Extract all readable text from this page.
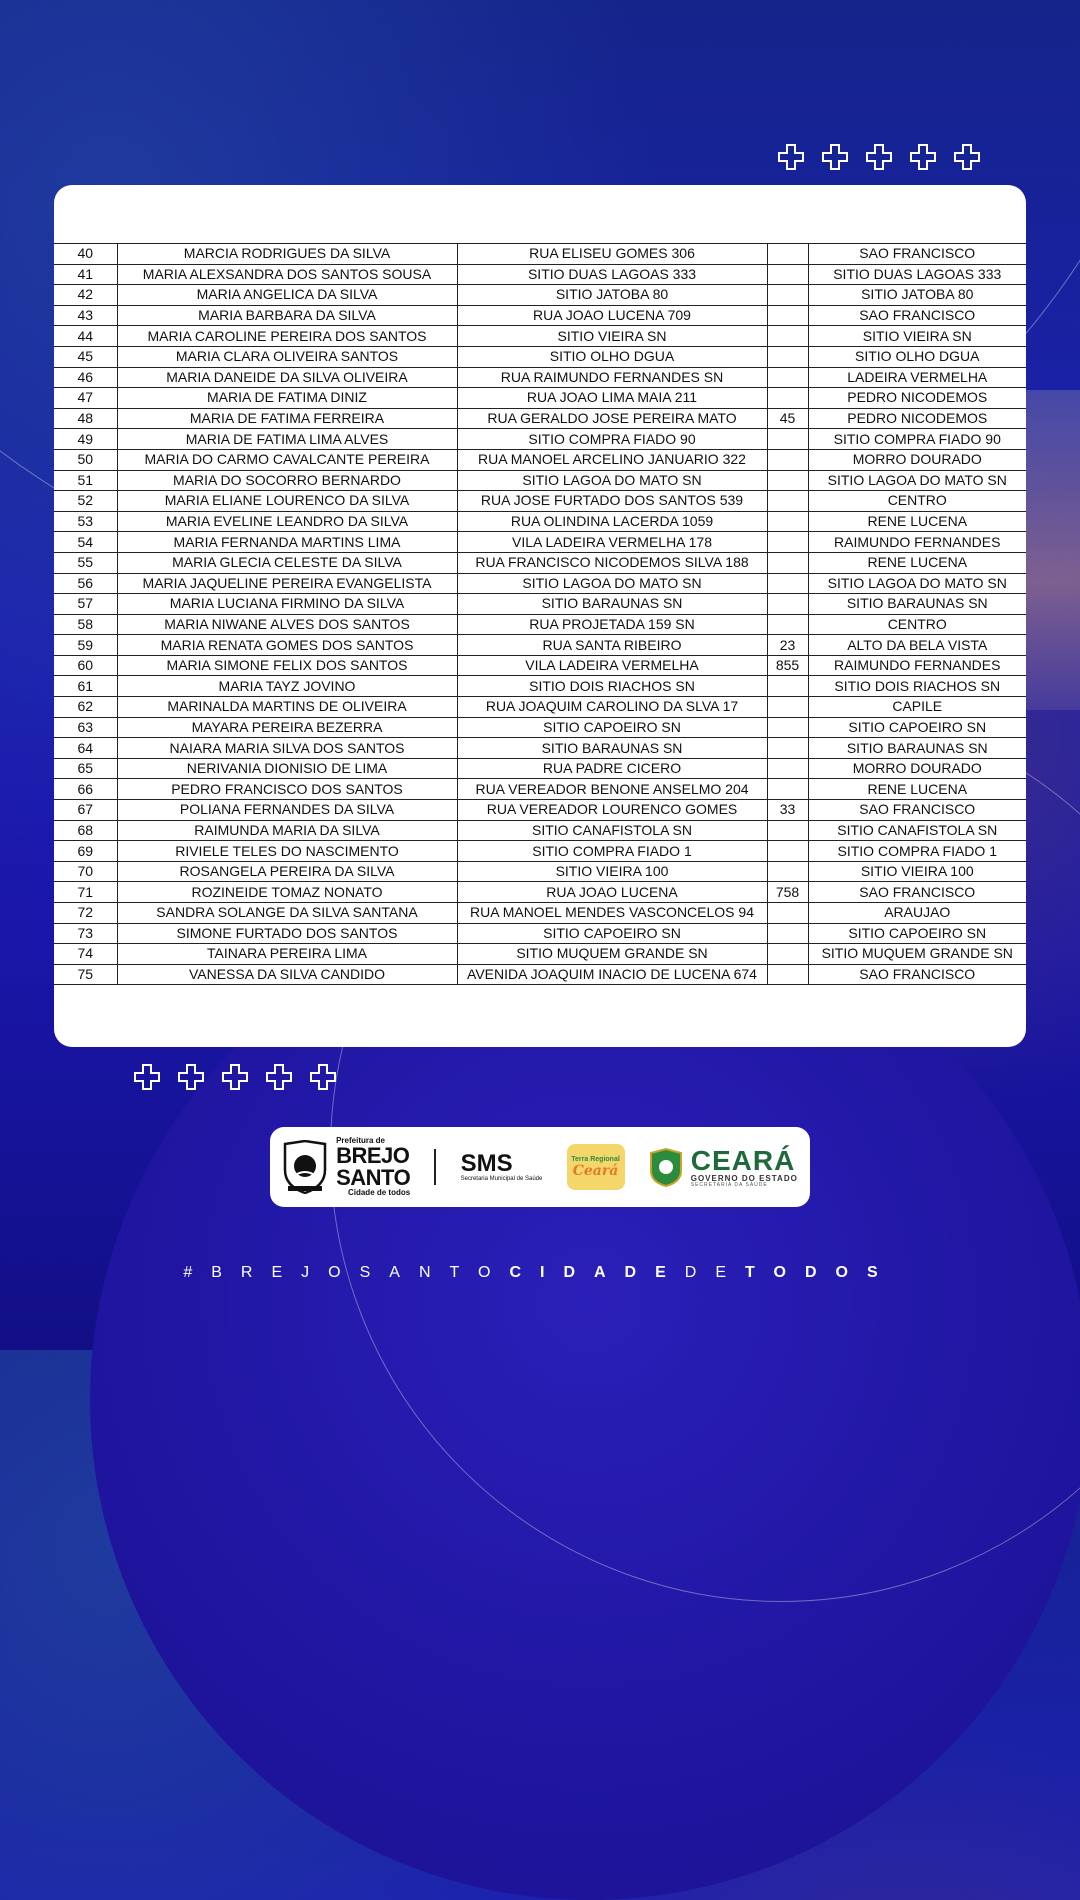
40	MARCIA RODRIGUES DA SILVA	RUA ELISEU GOMES 306		SAO FRANCISCO
41	MARIA ALEXSANDRA DOS SANTOS SOUSA	SITIO DUAS LAGOAS 333		SITIO DUAS LAGOAS 333
42	MARIA ANGELICA DA SILVA	SITIO JATOBA 80		SITIO JATOBA 80
43	MARIA BARBARA DA SILVA	RUA JOAO LUCENA 709		SAO FRANCISCO
44	MARIA CAROLINE PEREIRA DOS SANTOS	SITIO VIEIRA SN		SITIO VIEIRA SN
45	MARIA CLARA OLIVEIRA SANTOS	SITIO OLHO DGUA		SITIO OLHO DGUA
46	MARIA DANEIDE DA SILVA OLIVEIRA	RUA RAIMUNDO FERNANDES SN		LADEIRA VERMELHA
47	MARIA DE FATIMA DINIZ	RUA JOAO LIMA MAIA 211		PEDRO NICODEMOS
48	MARIA DE FATIMA FERREIRA	RUA GERALDO JOSE PEREIRA MATO	45	PEDRO NICODEMOS
49	MARIA DE FATIMA LIMA ALVES	SITIO COMPRA FIADO 90		SITIO COMPRA FIADO 90
50	MARIA DO CARMO CAVALCANTE PEREIRA	RUA MANOEL ARCELINO JANUARIO 322		MORRO DOURADO
51	MARIA DO SOCORRO BERNARDO	SITIO LAGOA DO MATO SN		SITIO LAGOA DO MATO SN
52	MARIA ELIANE LOURENCO DA SILVA	RUA JOSE FURTADO DOS SANTOS 539		CENTRO
53	MARIA EVELINE LEANDRO DA SILVA	RUA OLINDINA LACERDA 1059		RENE LUCENA
54	MARIA FERNANDA MARTINS LIMA	VILA LADEIRA VERMELHA 178		RAIMUNDO FERNANDES
55	MARIA GLECIA CELESTE DA SILVA	RUA FRANCISCO NICODEMOS SILVA 188		RENE LUCENA
56	MARIA JAQUELINE PEREIRA EVANGELISTA	SITIO LAGOA DO MATO SN		SITIO LAGOA DO MATO SN
57	MARIA LUCIANA FIRMINO DA SILVA	SITIO BARAUNAS SN		SITIO BARAUNAS SN
58	MARIA NIWANE ALVES DOS SANTOS	RUA PROJETADA 159 SN		CENTRO
59	MARIA RENATA GOMES DOS SANTOS	RUA SANTA RIBEIRO	23	ALTO DA BELA VISTA
60	MARIA SIMONE FELIX DOS SANTOS	VILA LADEIRA VERMELHA	855	RAIMUNDO FERNANDES
61	MARIA TAYZ JOVINO	SITIO DOIS RIACHOS SN		SITIO DOIS RIACHOS SN
62	MARINALDA MARTINS DE OLIVEIRA	RUA JOAQUIM CAROLINO DA SLVA 17		CAPILE
63	MAYARA PEREIRA BEZERRA	SITIO CAPOEIRO SN		SITIO CAPOEIRO SN
64	NAIARA MARIA SILVA DOS SANTOS	SITIO BARAUNAS SN		SITIO BARAUNAS SN
65	NERIVANIA DIONISIO DE LIMA	RUA PADRE CICERO		MORRO DOURADO
66	PEDRO FRANCISCO DOS SANTOS	RUA VEREADOR BENONE ANSELMO 204		RENE LUCENA
67	POLIANA FERNANDES DA SILVA	RUA VEREADOR LOURENCO GOMES	33	SAO FRANCISCO
68	RAIMUNDA MARIA DA SILVA	SITIO CANAFISTOLA SN		SITIO CANAFISTOLA SN
69	RIVIELE TELES DO NASCIMENTO	SITIO COMPRA FIADO 1		SITIO COMPRA FIADO 1
70	ROSANGELA PEREIRA DA SILVA	SITIO VIEIRA 100		SITIO VIEIRA 100
71	ROZINEIDE TOMAZ NONATO	RUA JOAO LUCENA	758	SAO FRANCISCO
72	SANDRA SOLANGE DA SILVA SANTANA	RUA MANOEL MENDES VASCONCELOS 94		ARAUJAO
73	SIMONE FURTADO DOS SANTOS	SITIO CAPOEIRO SN		SITIO CAPOEIRO SN
74	TAINARA PEREIRA LIMA	SITIO MUQUEM GRANDE SN		SITIO MUQUEM GRANDE SN
75	VANESSA DA SILVA CANDIDO	AVENIDA JOAQUIM INACIO DE LUCENA 674		SAO FRANCISCO
Prefeitura de
BREJO
SANTO
Cidade de todos
SMS
Secretaria Municipal de Saúde
Terra Regional
Ceará	CEARÁ
GOVERNO DO ESTADO
SECRETARIA DA SAÚDE
#BREJOSANTOCIDADEDETODOS
